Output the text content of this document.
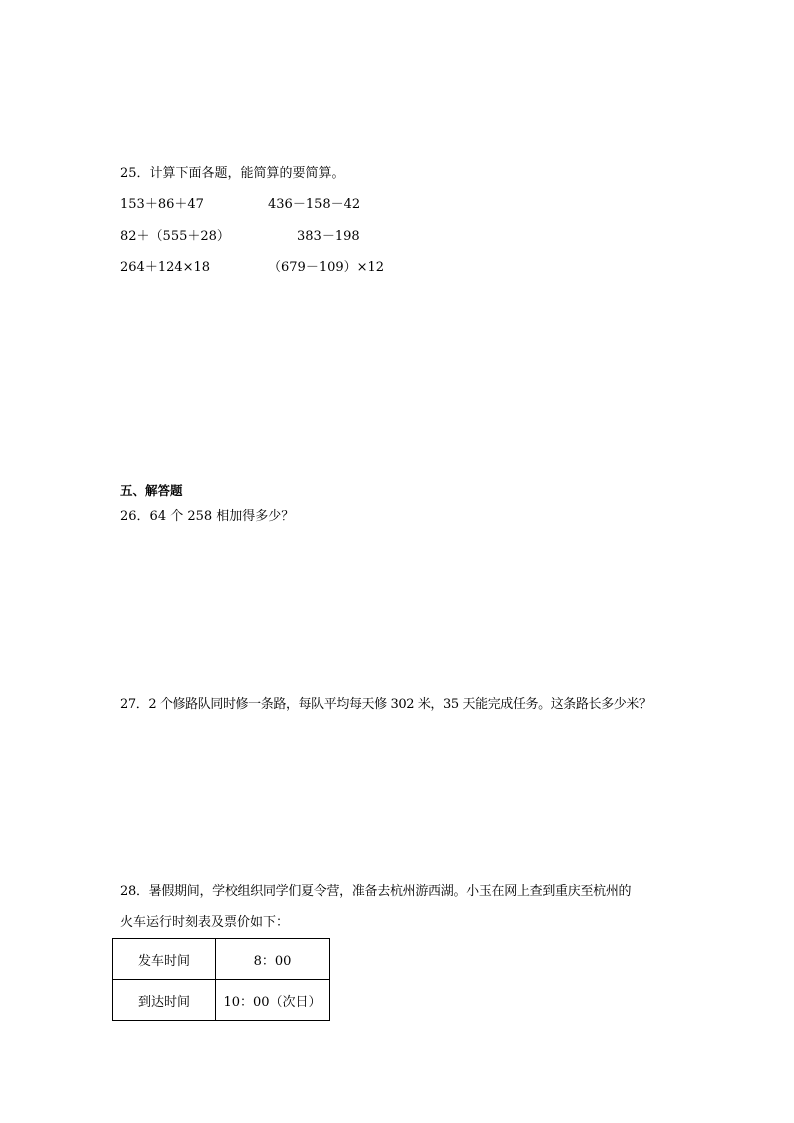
25．计算下面各题，能简算的要简算。
153＋86＋47	436－158－42
82＋（555＋28）	383－198
264＋124×18	（679－109）×12
五、解答题
26．64 个 258 相加得多少？
27．2 个修路队同时修一条路，每队平均每天修 302 米，35 天能完成任务。这条路长多少米？
28．暑假期间，学校组织同学们夏令营，准备去杭州游西湖。小玉在网上查到重庆至杭州的
火车运行时刻表及票价如下：
发车时间	8：00
到达时间	10：00（次日）
